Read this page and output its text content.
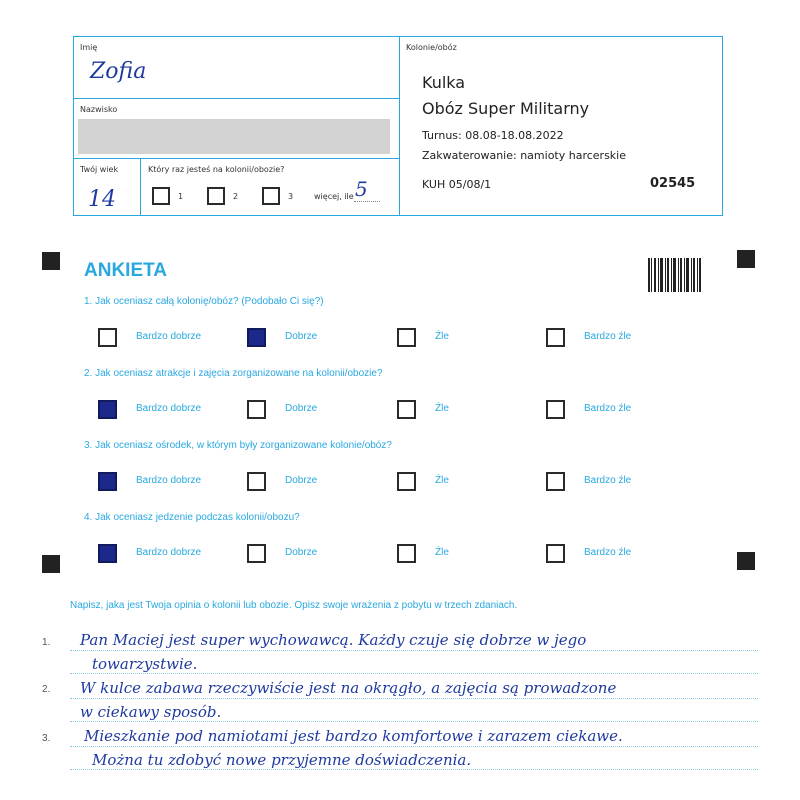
Imię
Zofia
Nazwisko
Twój wiek
14
Który raz jesteś na kolonii/obozie?
1	2	3	więcej, ile 5
Kolonie/obóz
Kulka
Obóz Super Militarny
Turnus: 08.08-18.08.2022
Zakwaterowanie: namioty harcerskie
KUH 05/08/1	02545
ANKIETA
1. Jak oceniasz całą kolonię/obóz? (Podobało Ci się?)
Bardzo dobrze	Dobrze	Źle	Bardzo źle
2. Jak oceniasz atrakcje i zajęcia zorganizowane na kolonii/obozie?
Bardzo dobrze	Dobrze	Źle	Bardzo źle
3. Jak oceniasz ośrodek, w którym były zorganizowane kolonie/obóz?
Bardzo dobrze	Dobrze	Źle	Bardzo źle
4. Jak oceniasz jedzenie podczas kolonii/obozu?
Bardzo dobrze	Dobrze	Źle	Bardzo źle
Napisz, jaka jest Twoja opinia o kolonii lub obozie. Opisz swoje wrażenia z pobytu w trzech zdaniach.
1.
2.
3.
Pan Maciej jest super wychowawcą. Każdy czuje się dobrze w jego
towarzystwie.
W kulce zabawa rzeczywiście jest na okrągło, a zajęcia są prowadzone
w ciekawy sposób.
Mieszkanie pod namiotami jest bardzo komfortowe i zarazem ciekawe.
Można tu zdobyć nowe przyjemne doświadczenia.
